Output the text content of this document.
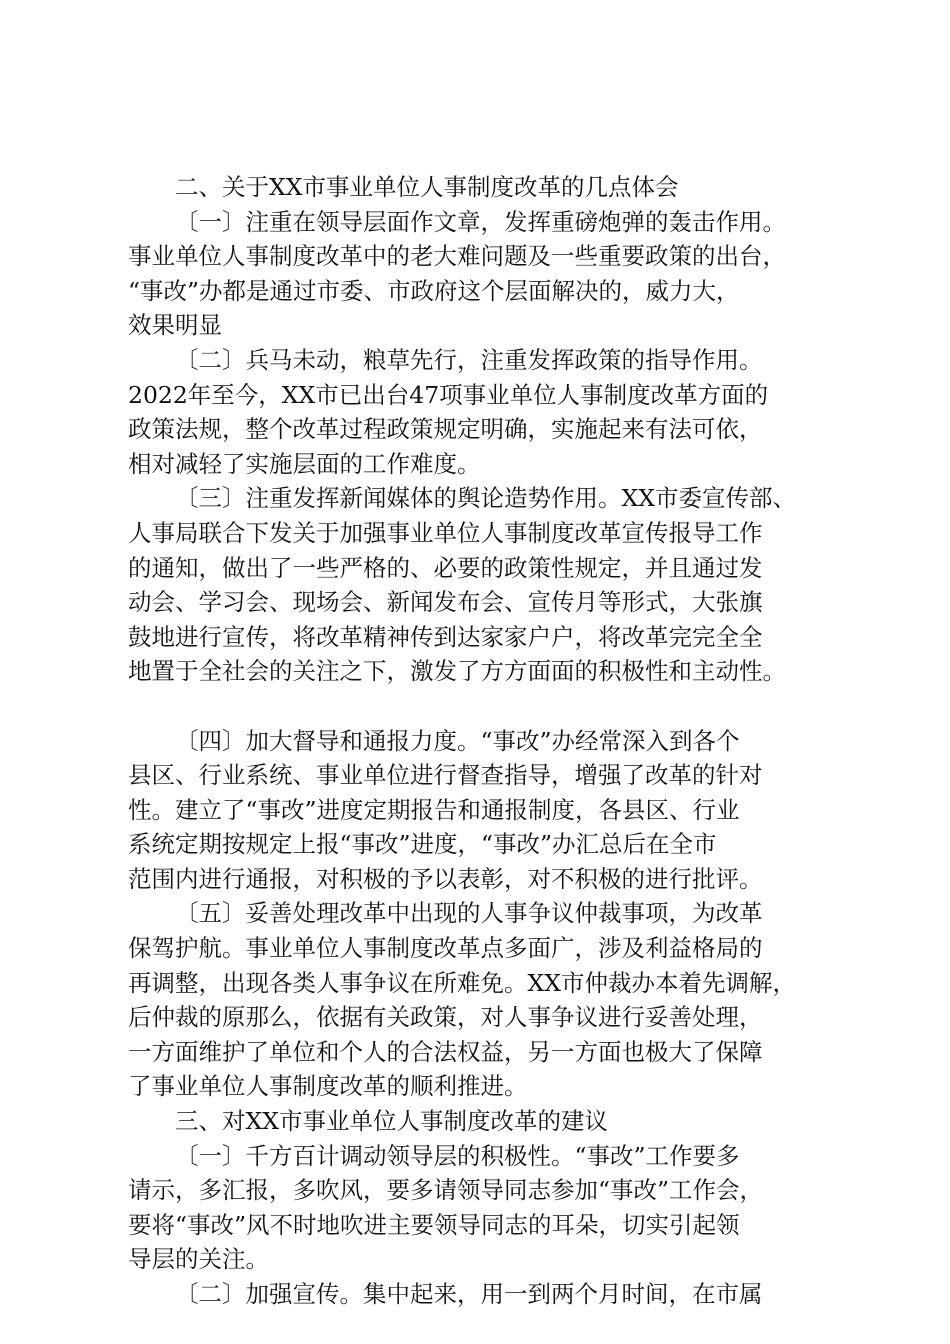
二、关于XX市事业单位人事制度改革的几点体会
〔一〕注重在领导层面作文章，发挥重磅炮弹的轰击作用。
事业单位人事制度改革中的老大难问题及一些重要政策的出台，
“事改”办都是通过市委、市政府这个层面解决的，威力大，
效果明显
〔二〕兵马未动，粮草先行，注重发挥政策的指导作用。
2022年至今，XX市已出台47项事业单位人事制度改革方面的
政策法规，整个改革过程政策规定明确，实施起来有法可依，
相对减轻了实施层面的工作难度。
〔三〕注重发挥新闻媒体的舆论造势作用。XX市委宣传部、
人事局联合下发关于加强事业单位人事制度改革宣传报导工作
的通知，做出了一些严格的、必要的政策性规定，并且通过发
动会、学习会、现场会、新闻发布会、宣传月等形式，大张旗
鼓地进行宣传，将改革精神传到达家家户户，将改革完完全全
地置于全社会的关注之下，激发了方方面面的积极性和主动性。
〔四〕加大督导和通报力度。“事改”办经常深入到各个
县区、行业系统、事业单位进行督查指导，增强了改革的针对
性。建立了“事改”进度定期报告和通报制度，各县区、行业
系统定期按规定上报“事改”进度，“事改”办汇总后在全市
范围内进行通报，对积极的予以表彰，对不积极的进行批评。
〔五〕妥善处理改革中出现的人事争议仲裁事项，为改革
保驾护航。事业单位人事制度改革点多面广，涉及利益格局的
再调整，出现各类人事争议在所难免。XX市仲裁办本着先调解，
后仲裁的原那么，依据有关政策，对人事争议进行妥善处理，
一方面维护了单位和个人的合法权益，另一方面也极大了保障
了事业单位人事制度改革的顺利推进。
三、对XX市事业单位人事制度改革的建议
〔一〕千方百计调动领导层的积极性。“事改”工作要多
请示，多汇报，多吹风，要多请领导同志参加“事改”工作会，
要将“事改”风不时地吹进主要领导同志的耳朵，切实引起领
导层的关注。
〔二〕加强宣传。集中起来，用一到两个月时间，在市属
